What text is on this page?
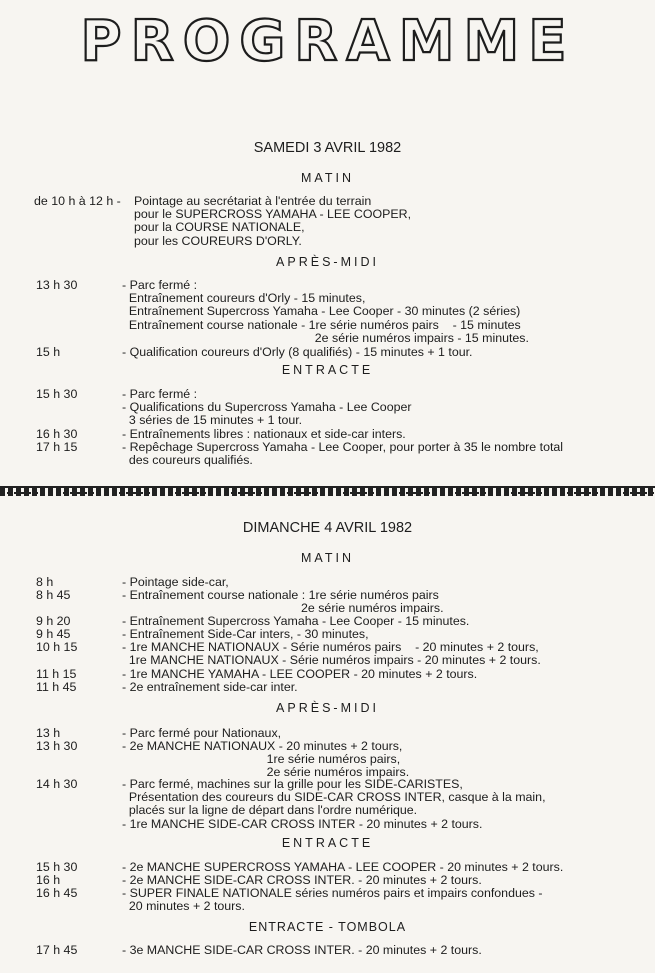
PROGRAMME
SAMEDI 3 AVRIL 1982
MATIN
de 10 h à 12 h - Pointage au secrétariat à l'entrée du terrain
pour le SUPERCROSS YAMAHA - LEE COOPER,
pour la COURSE NATIONALE,
pour les COUREURS D'ORLY.
APRÈS-MIDI
13 h 30	- Parc fermé :
Entraînement coureurs d'Orly - 15 minutes,
Entraînement Supercross Yamaha - Lee Cooper - 30 minutes (2 séries)
Entraînement course nationale - 1re série numéros pairs    - 15 minutes
2e série numéros impairs - 15 minutes.
15 h	- Qualification coureurs d'Orly (8 qualifiés) - 15 minutes + 1 tour.
ENTRACTE
15 h 30	- Parc fermé :
- Qualifications du Supercross Yamaha - Lee Cooper
3 séries de 15 minutes + 1 tour.
16 h 30	- Entraînements libres : nationaux et side-car inters.
17 h 15	- Repêchage Supercross Yamaha - Lee Cooper, pour porter à 35 le nombre total
des coureurs qualifiés.
DIMANCHE 4 AVRIL 1982
MATIN
8 h	- Pointage side-car,
8 h 45	- Entraînement course nationale : 1re série numéros pairs
2e série numéros impairs.
9 h 20	- Entraînement Supercross Yamaha - Lee Cooper - 15 minutes.
9 h 45	- Entraînement Side-Car inters, - 30 minutes,
10 h 15	- 1re MANCHE NATIONAUX - Série numéros pairs    - 20 minutes + 2 tours,
1re MANCHE NATIONAUX - Série numéros impairs - 20 minutes + 2 tours.
11 h 15	- 1re MANCHE YAMAHA - LEE COOPER - 20 minutes + 2 tours.
11 h 45	- 2e entraînement side-car inter.
APRÈS-MIDI
13 h	- Parc fermé pour Nationaux,
13 h 30	- 2e MANCHE NATIONAUX - 20 minutes + 2 tours,
1re série numéros pairs,
2e série numéros impairs.
14 h 30	- Parc fermé, machines sur la grille pour les SIDE-CARISTES,
Présentation des coureurs du SIDE-CAR CROSS INTER, casque à la main,
placés sur la ligne de départ dans l'ordre numérique.
- 1re MANCHE SIDE-CAR CROSS INTER - 20 minutes + 2 tours.
ENTRACTE
15 h 30	- 2e MANCHE SUPERCROSS YAMAHA - LEE COOPER - 20 minutes + 2 tours.
16 h	- 2e MANCHE SIDE-CAR CROSS INTER. - 20 minutes + 2 tours.
16 h 45	- SUPER FINALE NATIONALE séries numéros pairs et impairs confondues -
20 minutes + 2 tours.
ENTRACTE - TOMBOLA
17 h 45	- 3e MANCHE SIDE-CAR CROSS INTER. - 20 minutes + 2 tours.
